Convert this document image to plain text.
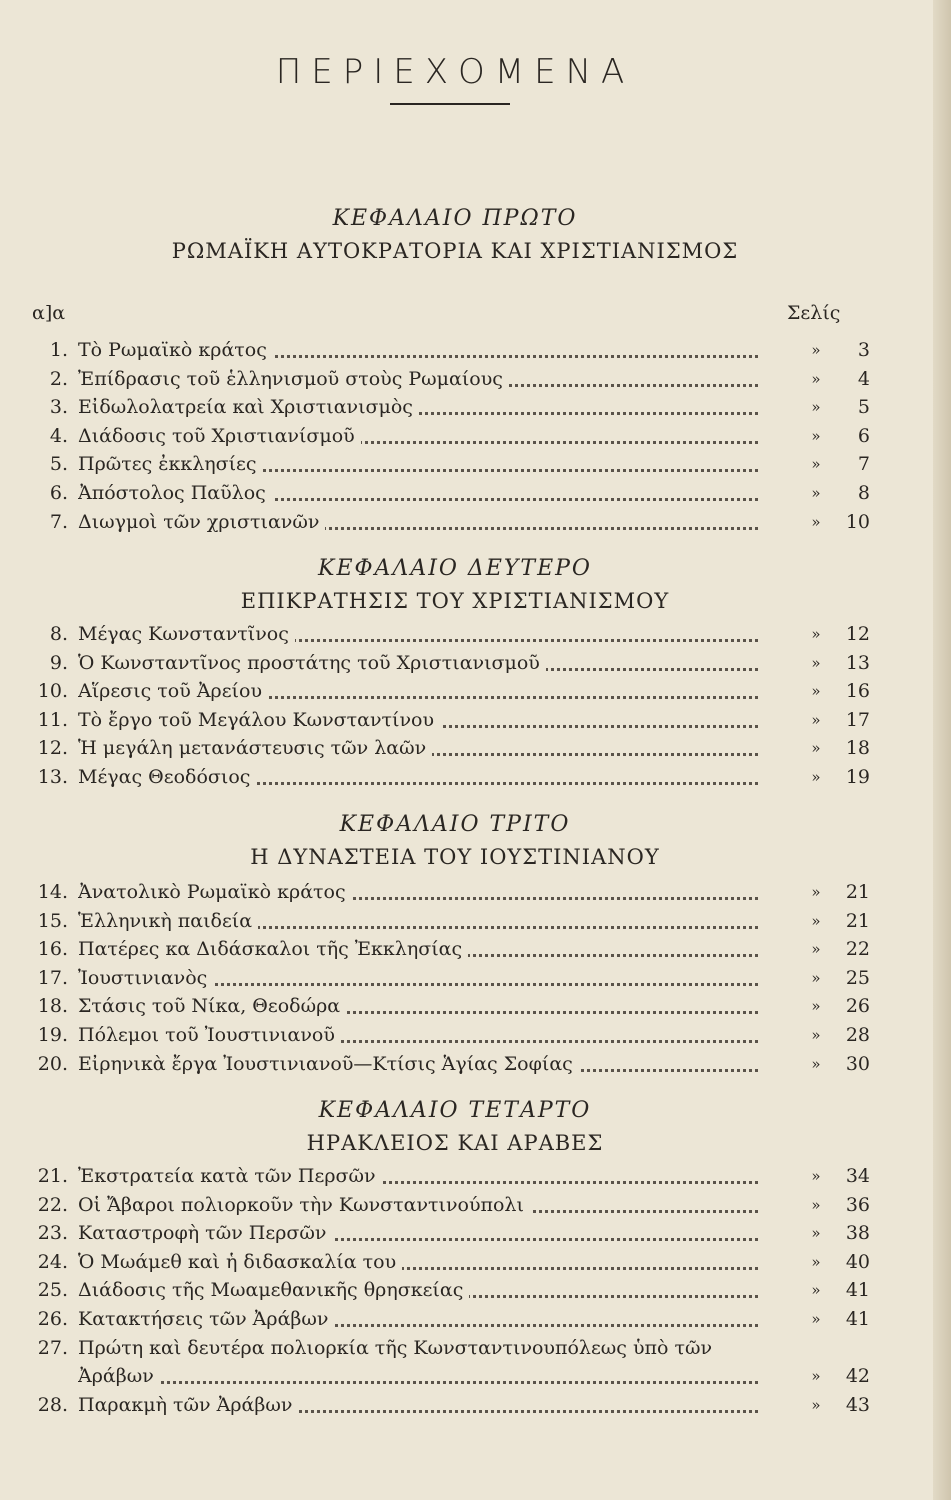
ΠΕΡΙΕΧΟΜΕΝΑ
ΚΕΦΑΛΑΙΟ ΠΡΩΤΟ
ΡΩΜΑΪΚΗ ΑΥΤΟΚΡΑΤΟΡΙΑ ΚΑΙ ΧΡΙΣΤΙΑΝΙΣΜΟΣ
α]α	Σελίς
1. Τὸ Ρωμαϊκὸ κράτος	»	3
2. Ἐπίδρασις τοῦ ἑλληνισμοῦ στοὺς Ρωμαίους	»	4
3. Εἰδωλολατρεία καὶ Χριστιανισμὸς	»	5
4. Διάδοσις τοῦ Χριστιανίσμοῦ	»	6
5. Πρῶτες ἐκκλησίες	»	7
6. Ἀπόστολος Παῦλος	»	8
7. Διωγμοὶ τῶν χριστιανῶν	»	10
8. Μέγας Κωνσταντῖνος	»	12
9. Ὁ Κωνσταντῖνος προστάτης τοῦ Χριστιανισμοῦ	»	13
10. Αἵρεσις τοῦ Ἀρείου	»	16
11. Τὸ ἔργο τοῦ Μεγάλου Κωνσταντίνου	»	17
12. Ἡ μεγάλη μετανάστευσις τῶν λαῶν	»	18
13. Μέγας Θεοδόσιος	»	19
14. Ἀνατολικὸ Ρωμαϊκὸ κράτος	»	21
15. Ἑλληνικὴ παιδεία	»	21
16. Πατέρες κα Διδάσκαλοι τῆς Ἐκκλησίας	»	22
17. Ἰουστινιανὸς	»	25
18. Στάσις τοῦ Νίκα, Θεοδώρα	»	26
19. Πόλεμοι τοῦ Ἰουστινιανοῦ	»	28
20. Εἰρηνικὰ ἔργα Ἰουστινιανοῦ—Κτίσις Ἁγίας Σοφίας	»	30
21. Ἐκστρατεία κατὰ τῶν Περσῶν	»	34
22. Οἱ Ἄβαροι πολιορκοῦν τὴν Κωνσταντινούπολι	»	36
23. Καταστροφὴ τῶν Περσῶν	»	38
24. Ὁ Μωάμεθ καὶ ἡ διδασκαλία του	»	40
25. Διάδοσις τῆς Μωαμεθανικῆς θρησκείας	»	41
26. Κατακτήσεις τῶν Ἀράβων	»	41
27. Πρώτη καὶ δευτέρα πολιορκία τῆς Κωνσταντινουπόλεως ὑπὸ τῶν
Ἀράβων	»	42
28. Παρακμὴ τῶν Ἀράβων	»	43
ΚΕΦΑΛΑΙΟ ΔΕΥΤΕΡΟ
ΕΠΙΚΡΑΤΗΣΙΣ ΤΟΥ ΧΡΙΣΤΙΑΝΙΣΜΟΥ
ΚΕΦΑΛΑΙΟ ΤΡΙΤΟ
Η ΔΥΝΑΣΤΕΙΑ ΤΟΥ ΙΟΥΣΤΙΝΙΑΝΟΥ
ΚΕΦΑΛΑΙΟ ΤΕΤΑΡΤΟ
ΗΡΑΚΛΕΙΟΣ ΚΑΙ ΑΡΑΒΕΣ
